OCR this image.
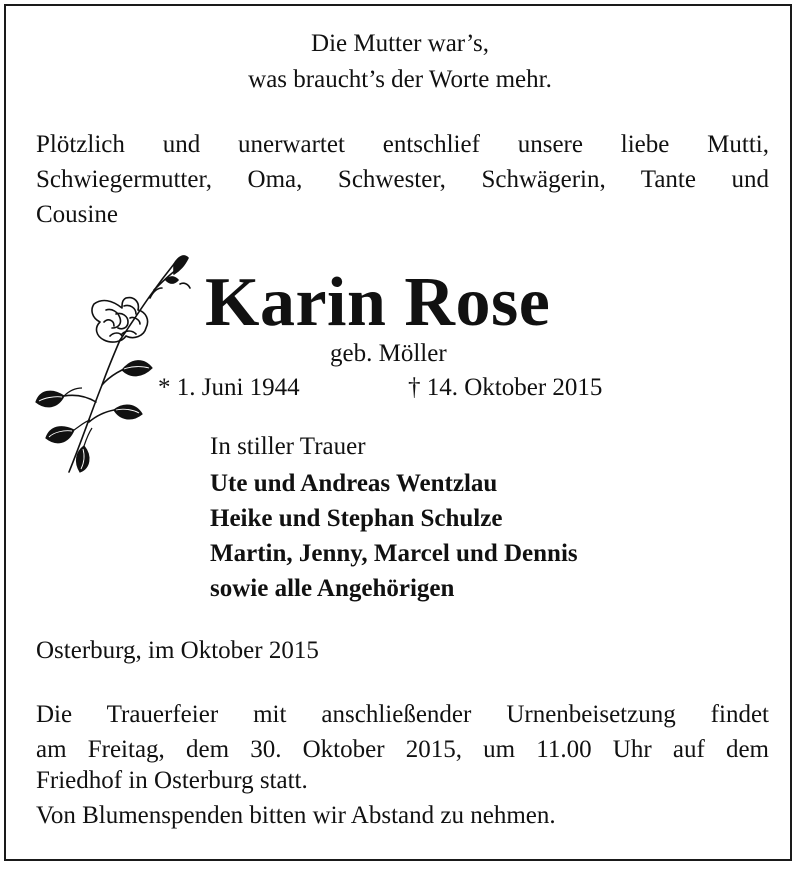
Die Mutter war’s,
was braucht’s der Worte mehr.
Plötzlich und unerwartet entschlief unsere liebe Mutti,
Schwiegermutter, Oma, Schwester, Schwägerin, Tante und
Cousine
Karin Rose
geb. Möller
* 1. Juni 1944	† 14. Oktober 2015
In stiller Trauer
Ute und Andreas Wentzlau
Heike und Stephan Schulze
Martin, Jenny, Marcel und Dennis
sowie alle Angehörigen
Osterburg, im Oktober 2015
Die Trauerfeier mit anschließender Urnenbeisetzung findet
am Freitag, dem 30. Oktober 2015, um 11.00 Uhr auf dem
Friedhof in Osterburg statt.
Von Blumenspenden bitten wir Abstand zu nehmen.
